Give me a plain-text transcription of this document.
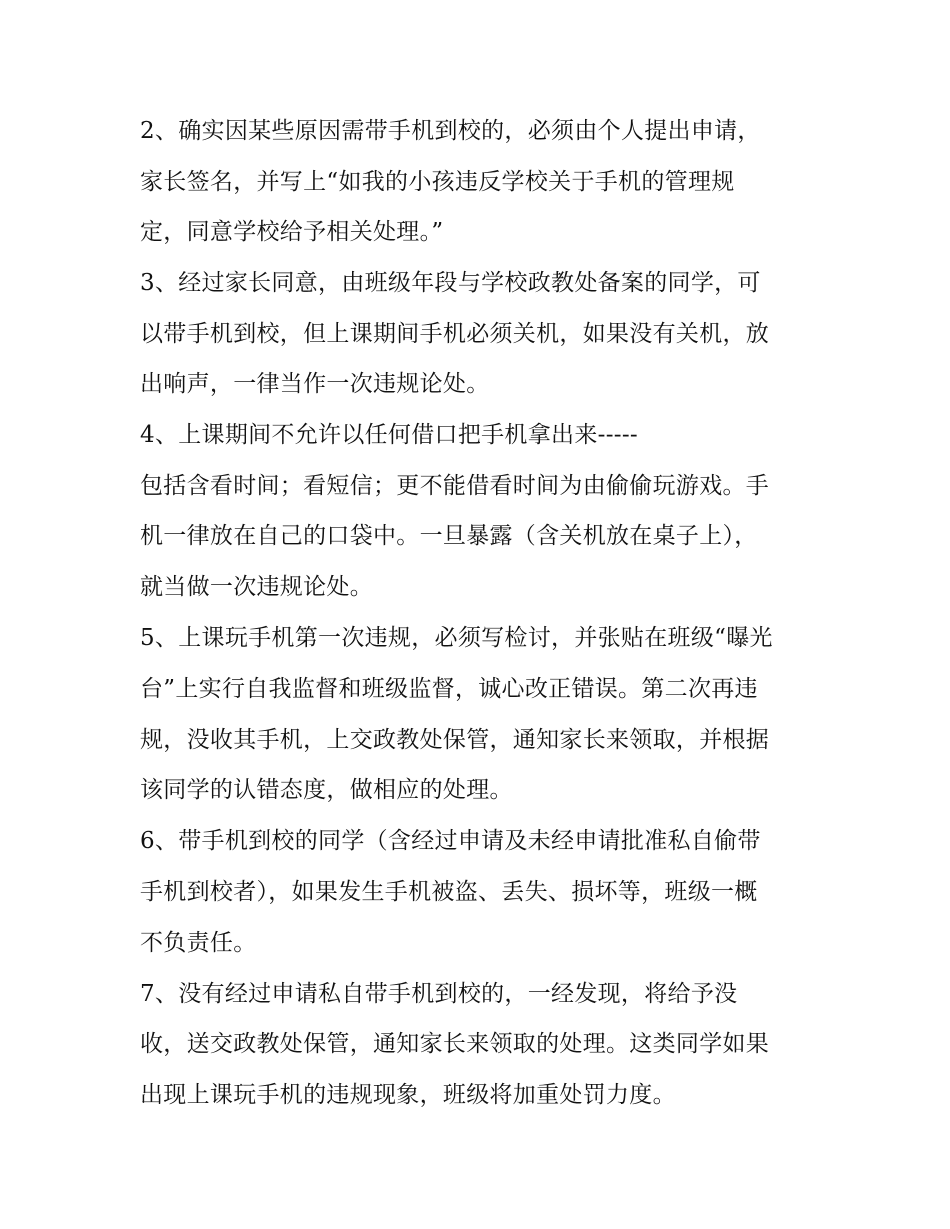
2、确实因某些原因需带手机到校的，必须由个人提出申请，
家长签名，并写上“如我的小孩违反学校关于手机的管理规
定，同意学校给予相关处理。”
3、经过家长同意，由班级年段与学校政教处备案的同学，可
以带手机到校，但上课期间手机必须关机，如果没有关机，放
出响声，一律当作一次违规论处。
4、上课期间不允许以任何借口把手机拿出来-----
包括含看时间；看短信；更不能借看时间为由偷偷玩游戏。手
机一律放在自己的口袋中。一旦暴露（含关机放在桌子上），
就当做一次违规论处。
5、上课玩手机第一次违规，必须写检讨，并张贴在班级“曝光
台”上实行自我监督和班级监督，诚心改正错误。第二次再违
规，没收其手机，上交政教处保管，通知家长来领取，并根据
该同学的认错态度，做相应的处理。
6、带手机到校的同学（含经过申请及未经申请批准私自偷带
手机到校者），如果发生手机被盗、丢失、损坏等，班级一概
不负责任。
7、没有经过申请私自带手机到校的，一经发现，将给予没
收，送交政教处保管，通知家长来领取的处理。这类同学如果
出现上课玩手机的违规现象，班级将加重处罚力度。
